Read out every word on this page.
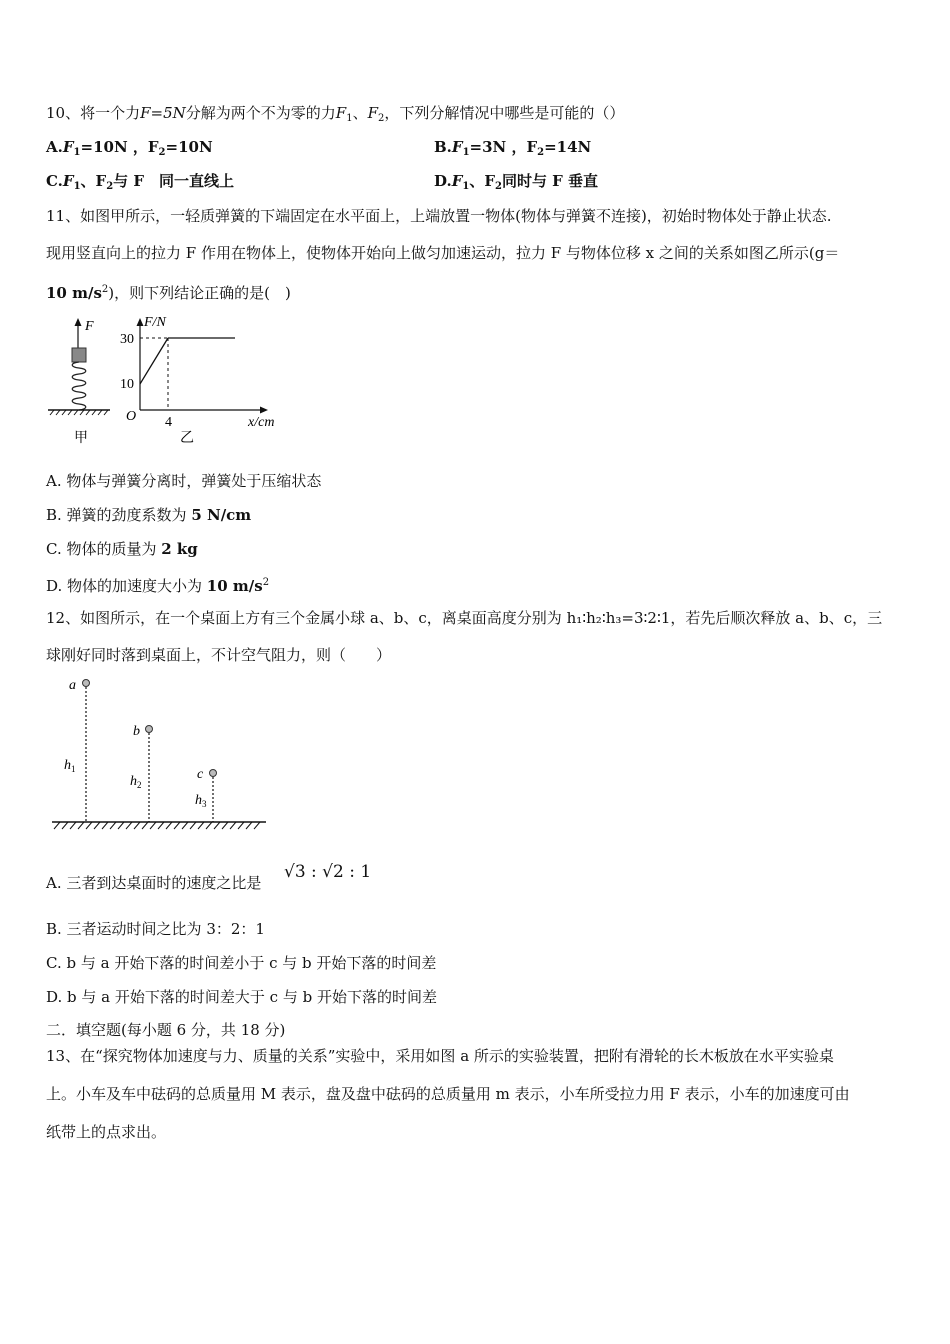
10、将一个力F=5N分解为两个不为零的力$F_1$、$F_2$，下列分解情况中哪些是可能的（）
$A.F_1=10N$ ，$F_2=10N$	$B.F_1=3N$ ，$F_2=14N$
$C.F_1$、$F_2$与 F　同一直线上	$D.F_1$、$F_2$同时与 F 垂直
11、如图甲所示，一轻质弹簧的下端固定在水平面上，上端放置一物体(物体与弹簧不连接)，初始时物体处于静止状态.
现用竖直向上的拉力 F 作用在物体上，使物体开始向上做匀加速运动，拉力 F 与物体位移 x 之间的关系如图乙所示(g＝
10 $m/s^2$)，则下列结论正确的是(　)
F
甲
F/N
x/cm
O
30
10
4
乙
A. 物体与弹簧分离时，弹簧处于压缩状态
B. 弹簧的劲度系数为 5 N/cm
C. 物体的质量为 2 kg
D. 物体的加速度大小为 10 $m/s^2$
12、如图所示，在一个桌面上方有三个金属小球 a、b、c，离桌面高度分别为 h₁∶h₂∶h₃=3∶2∶1，若先后顺次释放 a、b、c，三
球刚好同时落到桌面上，不计空气阻力，则（　　）
a
b
c
$h_1$
$h_2$
$h_3$
A. 三者到达桌面时的速度之比是
√3 : √2 : 1
B. 三者运动时间之比为 3：2：1
C. b 与 a 开始下落的时间差小于 c 与 b 开始下落的时间差
D. b 与 a 开始下落的时间差大于 c 与 b 开始下落的时间差
二．填空题(每小题 6 分，共 18 分)
13、在“探究物体加速度与力、质量的关系”实验中，采用如图 a 所示的实验装置，把附有滑轮的长木板放在水平实验桌
上。小车及车中砝码的总质量用 M 表示，盘及盘中砝码的总质量用 m 表示，小车所受拉力用 F 表示，小车的加速度可由
纸带上的点求出。
